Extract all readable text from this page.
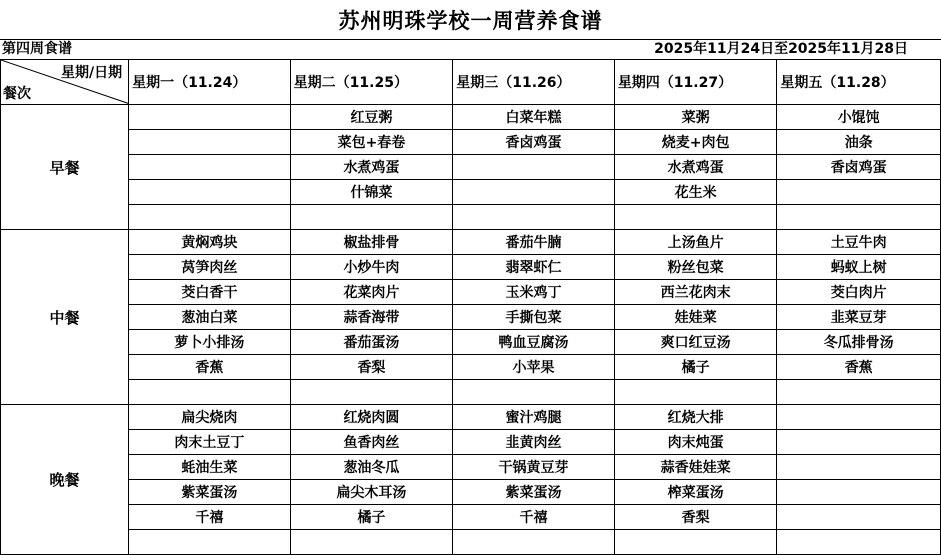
苏州明珠学校一周营养食谱
第四周食谱	2025年11月24日至2025年11月28日
星期/日期
餐次	星期一（11.24）	星期二（11.25）	星期三（11.26）	星期四（11.27）	星期五（11.28）
早餐		红豆粥	白菜年糕	菜粥	小馄饨
		菜包+春卷	香卤鸡蛋	烧麦+肉包	油条
		水煮鸡蛋		水煮鸡蛋	香卤鸡蛋
		什锦菜		花生米	

中餐	黄焖鸡块	椒盐排骨	番茄牛腩	上汤鱼片	土豆牛肉
	莴笋肉丝	小炒牛肉	翡翠虾仁	粉丝包菜	蚂蚁上树
	茭白香干	花菜肉片	玉米鸡丁	西兰花肉末	茭白肉片
	葱油白菜	蒜香海带	手撕包菜	娃娃菜	韭菜豆芽
	萝卜小排汤	番茄蛋汤	鸭血豆腐汤	爽口红豆汤	冬瓜排骨汤
	香蕉	香梨	小苹果	橘子	香蕉

晚餐	扁尖烧肉	红烧肉圆	蜜汁鸡腿	红烧大排	
	肉末土豆丁	鱼香肉丝	韭黄肉丝	肉末炖蛋	
	蚝油生菜	葱油冬瓜	干锅黄豆芽	蒜香娃娃菜	
	紫菜蛋汤	扁尖木耳汤	紫菜蛋汤	榨菜蛋汤	
	千禧	橘子	千禧	香梨	
